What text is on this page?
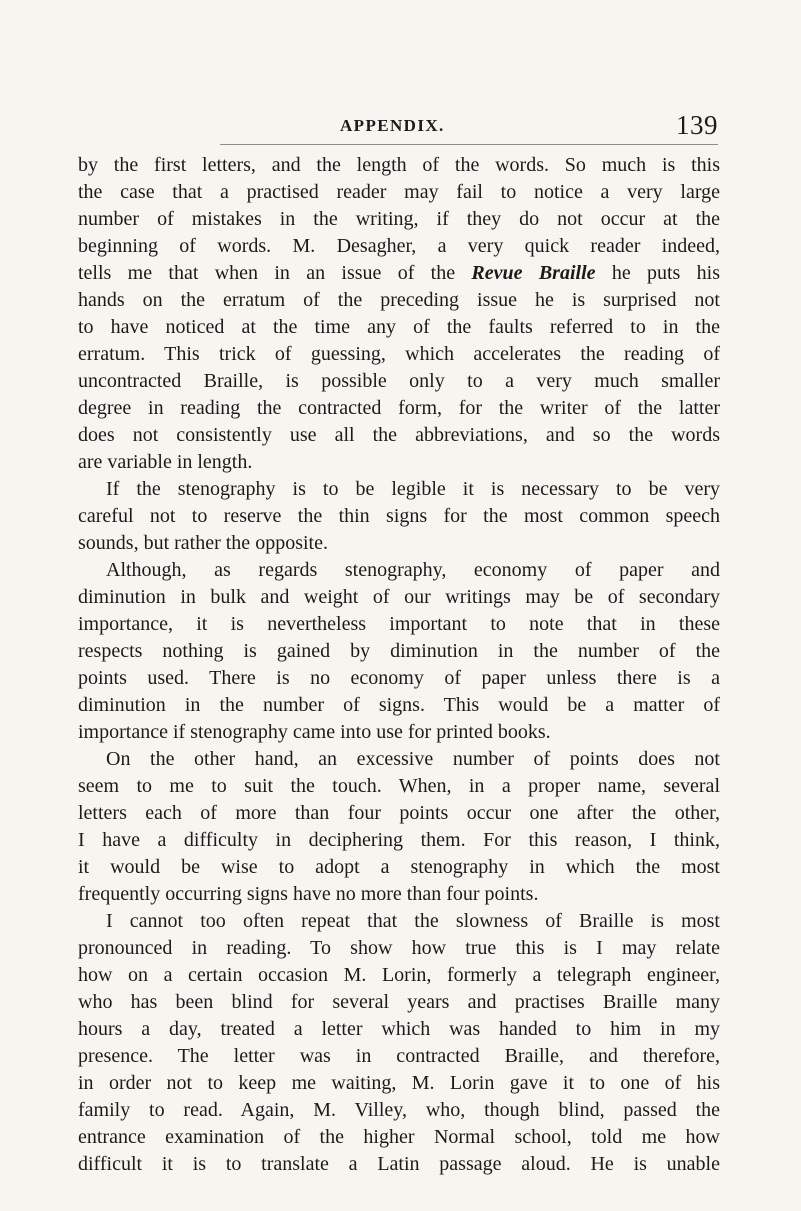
APPENDIX.	139
by the first letters, and the length of the words. So much is this
the case that a practised reader may fail to notice a very large
number of mistakes in the writing, if they do not occur at the
beginning of words. M. Desagher, a very quick reader indeed,
tells me that when in an issue of the Revue Braille he puts his
hands on the erratum of the preceding issue he is surprised not
to have noticed at the time any of the faults referred to in the
erratum. This trick of guessing, which accelerates the reading of
uncontracted Braille, is possible only to a very much smaller
degree in reading the contracted form, for the writer of the latter
does not consistently use all the abbreviations, and so the words
are variable in length.
If the stenography is to be legible it is necessary to be very
careful not to reserve the thin signs for the most common speech
sounds, but rather the opposite.
Although, as regards stenography, economy of paper and
diminution in bulk and weight of our writings may be of secondary
importance, it is nevertheless important to note that in these
respects nothing is gained by diminution in the number of the
points used. There is no economy of paper unless there is a
diminution in the number of signs. This would be a matter of
importance if stenography came into use for printed books.
On the other hand, an excessive number of points does not
seem to me to suit the touch. When, in a proper name, several
letters each of more than four points occur one after the other,
I have a difficulty in deciphering them. For this reason, I think,
it would be wise to adopt a stenography in which the most
frequently occurring signs have no more than four points.
I cannot too often repeat that the slowness of Braille is most
pronounced in reading. To show how true this is I may relate
how on a certain occasion M. Lorin, formerly a telegraph engineer,
who has been blind for several years and practises Braille many
hours a day, treated a letter which was handed to him in my
presence. The letter was in contracted Braille, and therefore,
in order not to keep me waiting, M. Lorin gave it to one of his
family to read. Again, M. Villey, who, though blind, passed the
entrance examination of the higher Normal school, told me how
difficult it is to translate a Latin passage aloud. He is unable
